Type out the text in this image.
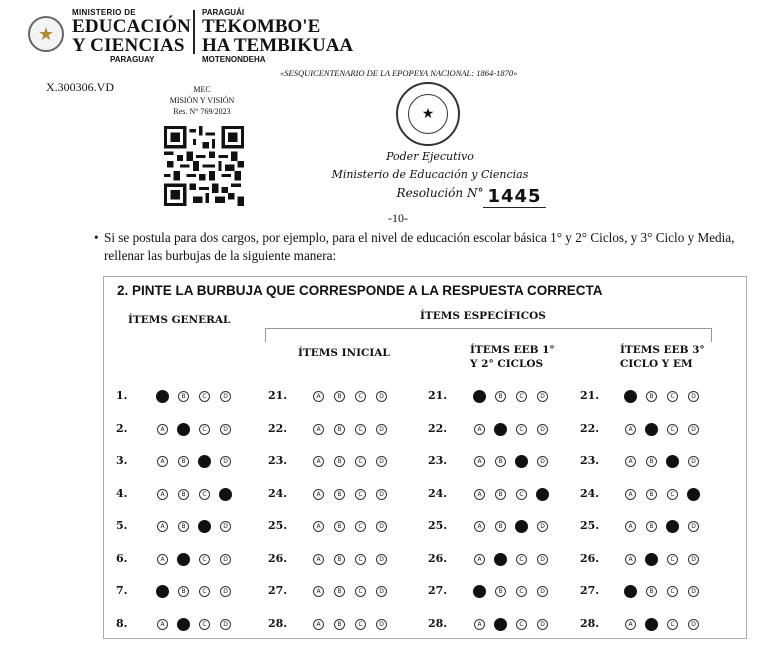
★
MINISTERIO DE
EDUCACIÓN
Y CIENCIAS
PARAGUAY
PARAGUÁI
TEKOMBO'E
HA TEMBIKUAA
MOTENONDEHA
X.300306.VD
«SESQUICENTENARIO DE LA EPOPEYA NACIONAL: 1864-1870»
MEC
MISIÓN Y VISIÓN
Res. N° 769/2023	★
Poder Ejecutivo
Ministerio de Educación y Ciencias
Resolución N° 1445
-10-
• Si se postula para dos cargos, por ejemplo, para el nivel de educación escolar básica 1° y 2° Ciclos, y 3° Ciclo y Media, rellenar las burbujas de la siguiente manera:
2. PINTE LA BURBUJA QUE CORRESPONDE A LA RESPUESTA CORRECTA
ÍTEMS GENERAL	ÍTEMS ESPECÍFICOS
ÍTEMS INICIAL	ÍTEMS EEB 1°
Y 2° CICLOS
ÍTEMS EEB 3°
CICLO Y EM
1.	B	C	D
2.	A	C	D
3.	A	B	D
4.	A	B	C
5.	A	B	D
6.	A	C	D
7.	B	C	D
8.	A	C	D
21.	A	B	C	D
22.	A	B	C	D
23.	A	B	C	D
24.	A	B	C	D
25.	A	B	C	D
26.	A	B	C	D
27.	A	B	C	D
28.	A	B	C	D
21.	B	C	D
22.	A	C	D
23.	A	B	D
24.	A	B	C
25.	A	B	D
26.	A	C	D
27.	B	C	D
28.	A	C	D
21.	B	C	D
22.	A	C	D
23.	A	B	D
24.	A	B	C
25.	A	B	D
26.	A	C	D
27.	B	C	D
28.	A	C	D
